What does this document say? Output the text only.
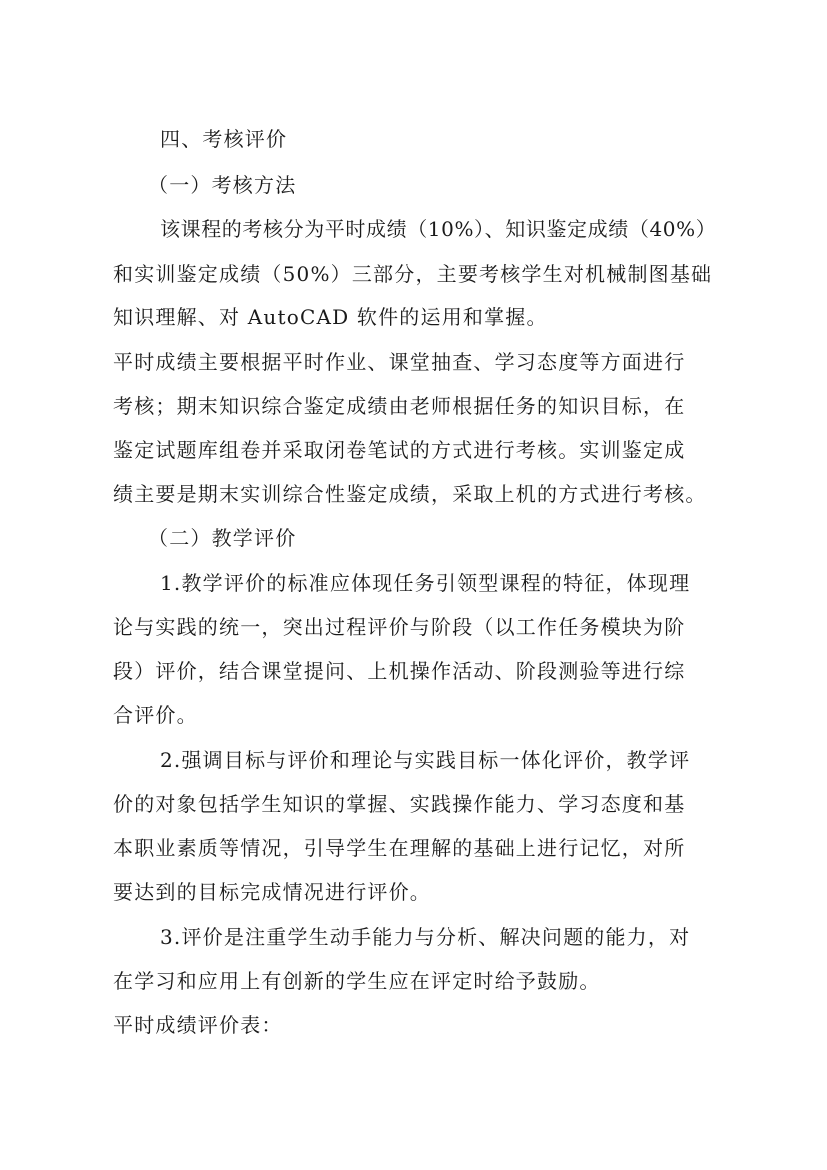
四、考核评价
（一）考核方法
该课程的考核分为平时成绩（10%）、知识鉴定成绩（40%）
和实训鉴定成绩（50%）三部分，主要考核学生对机械制图基础
知识理解、对 AutoCAD 软件的运用和掌握。
平时成绩主要根据平时作业、课堂抽查、学习态度等方面进行
考核；期末知识综合鉴定成绩由老师根据任务的知识目标，在
鉴定试题库组卷并采取闭卷笔试的方式进行考核。实训鉴定成
绩主要是期末实训综合性鉴定成绩，采取上机的方式进行考核。
（二）教学评价
1.教学评价的标准应体现任务引领型课程的特征，体现理
论与实践的统一，突出过程评价与阶段（以工作任务模块为阶
段）评价，结合课堂提问、上机操作活动、阶段测验等进行综
合评价。
2.强调目标与评价和理论与实践目标一体化评价，教学评
价的对象包括学生知识的掌握、实践操作能力、学习态度和基
本职业素质等情况，引导学生在理解的基础上进行记忆，对所
要达到的目标完成情况进行评价。
3.评价是注重学生动手能力与分析、解决问题的能力，对
在学习和应用上有创新的学生应在评定时给予鼓励。
平时成绩评价表：
